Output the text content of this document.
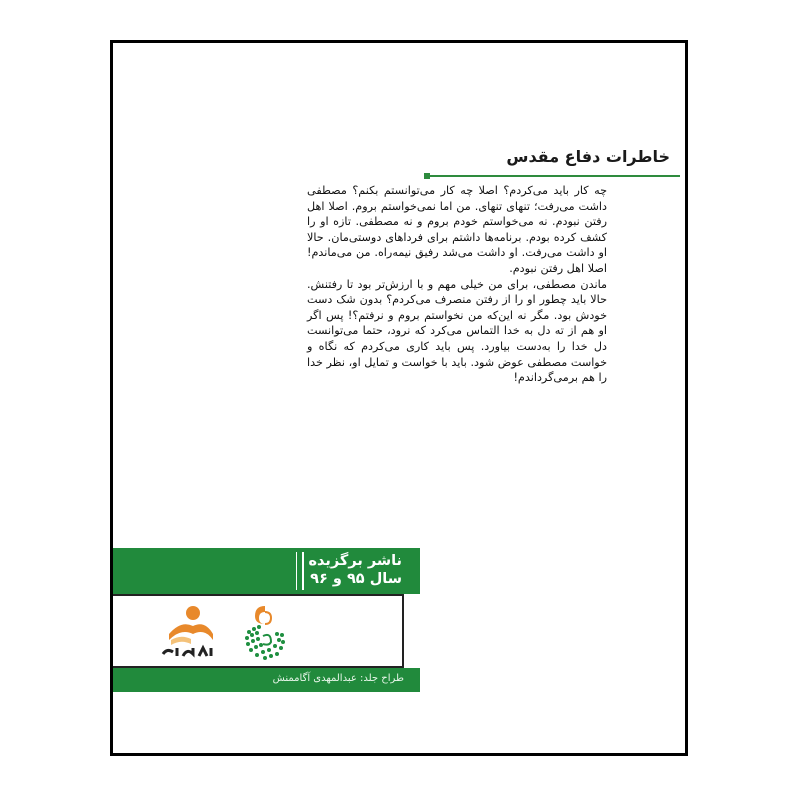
خاطرات دفاع مقدس

چه کار باید می‌کردم؟ اصلا چه کار می‌توانستم بکنم؟ مصطفی داشت می‌رفت؛ تنهای تنهای. من اما نمی‌خواستم بروم. اصلا اهل رفتن نبودم. نه می‌خواستم خودم بروم و نه مصطفی. تازه او را کشف کرده بودم. برنامه‌ها داشتم برای فرداهای دوستی‌مان. حالا او داشت می‌رفت. او داشت می‌شد رفیق نیمه‌راه. من می‌ماندم! اصلا اهل رفتن نبودم.

ماندن مصطفی، برای من خیلی مهم و با ارزش‌تر بود تا رفتنش. حالا باید چطور او را از رفتن منصرف می‌کردم؟ بدون شک دست خودش بود. مگر نه این‌که من نخواستم بروم و نرفتم؟! پس اگر او هم از ته دل به خدا التماس می‌کرد که نرود، حتما می‌توانست دل خدا را به‌دست بیاورد. پس باید کاری می‌کردم که نگاه و خواست مصطفی عوض شود. باید با خواست و تمایل او، نظر خدا را هم برمی‌گرداندم!

ناشر برگزیده
سال ۹۵ و ۹۶
طراح جلد: عبدالمهدی آگاممنش
